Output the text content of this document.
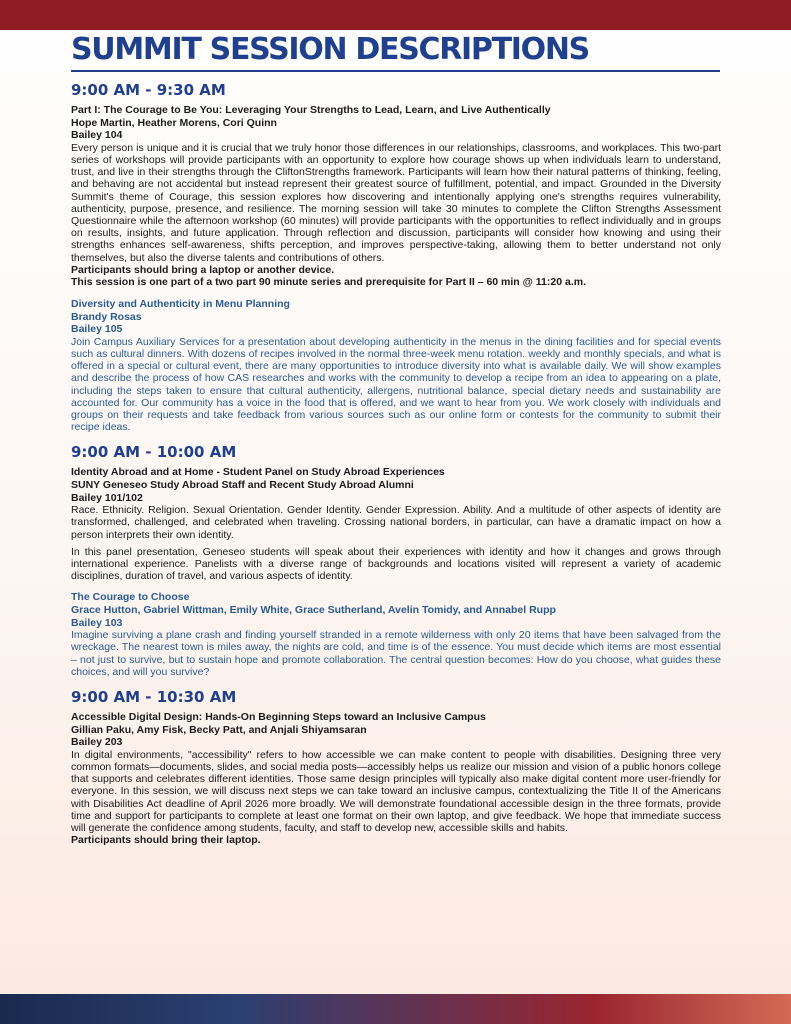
SUMMIT SESSION DESCRIPTIONS
9:00 AM - 9:30 AM
Part I: The Courage to Be You: Leveraging Your Strengths to Lead, Learn, and Live Authentically
Hope Martin, Heather Morens, Cori Quinn
Bailey 104
Every person is unique and it is crucial that we truly honor those differences in our relationships, classrooms, and workplaces. This two-part series of workshops will provide participants with an opportunity to explore how courage shows up when individuals learn to understand, trust, and live in their strengths through the CliftonStrengths framework. Participants will learn how their natural patterns of thinking, feeling, and behaving are not accidental but instead represent their greatest source of fulfillment, potential, and impact. Grounded in the Diversity Summit's theme of Courage, this session explores how discovering and intentionally applying one's strengths requires vulnerability, authenticity, purpose, presence, and resilience. The morning session will take 30 minutes to complete the Clifton Strengths Assessment Questionnaire while the afternoon workshop (60 minutes) will provide participants with the opportunities to reflect individually and in groups on results, insights, and future application. Through reflection and discussion, participants will consider how knowing and using their strengths enhances self-awareness, shifts perception, and improves perspective-taking, allowing them to better understand not only themselves, but also the diverse talents and contributions of others.
Participants should bring a laptop or another device.
This session is one part of a two part 90 minute series and prerequisite for Part II – 60 min @ 11:20 a.m.
Diversity and Authenticity in Menu Planning
Brandy Rosas
Bailey 105
Join Campus Auxiliary Services for a presentation about developing authenticity in the menus in the dining facilities and for special events such as cultural dinners. With dozens of recipes involved in the normal three-week menu rotation. weekly and monthly specials, and what is offered in a special or cultural event, there are many opportunities to introduce diversity into what is available daily. We will show examples and describe the process of how CAS researches and works with the community to develop a recipe from an idea to appearing on a plate, including the steps taken to ensure that cultural authenticity, allergens, nutritional balance, special dietary needs and sustainability are accounted for. Our community has a voice in the food that is offered, and we want to hear from you. We work closely with individuals and groups on their requests and take feedback from various sources such as our online form or contests for the community to submit their recipe ideas.
9:00 AM - 10:00 AM
Identity Abroad and at Home - Student Panel on Study Abroad Experiences
SUNY Geneseo Study Abroad Staff and Recent Study Abroad Alumni
Bailey 101/102
Race. Ethnicity. Religion. Sexual Orientation. Gender Identity. Gender Expression. Ability. And a multitude of other aspects of identity are transformed, challenged, and celebrated when traveling. Crossing national borders, in particular, can have a dramatic impact on how a person interprets their own identity.
In this panel presentation, Geneseo students will speak about their experiences with identity and how it changes and grows through international experience. Panelists with a diverse range of backgrounds and locations visited will represent a variety of academic disciplines, duration of travel, and various aspects of identity.
The Courage to Choose
Grace Hutton, Gabriel Wittman, Emily White, Grace Sutherland, Avelin Tomidy, and Annabel Rupp
Bailey 103
Imagine surviving a plane crash and finding yourself stranded in a remote wilderness with only 20 items that have been salvaged from the wreckage. The nearest town is miles away, the nights are cold, and time is of the essence. You must decide which items are most essential – not just to survive, but to sustain hope and promote collaboration. The central question becomes: How do you choose, what guides these choices, and will you survive?
9:00 AM - 10:30 AM
Accessible Digital Design: Hands-On Beginning Steps toward an Inclusive Campus
Gillian Paku, Amy Fisk, Becky Patt, and Anjali Shiyamsaran
Bailey 203
In digital environments, "accessibility" refers to how accessible we can make content to people with disabilities. Designing three very common formats—documents, slides, and social media posts—accessibly helps us realize our mission and vision of a public honors college that supports and celebrates different identities. Those same design principles will typically also make digital content more user-friendly for everyone. In this session, we will discuss next steps we can take toward an inclusive campus, contextualizing the Title II of the Americans with Disabilities Act deadline of April 2026 more broadly. We will demonstrate foundational accessible design in the three formats, provide time and support for participants to complete at least one format on their own laptop, and give feedback. We hope that immediate success will generate the confidence among students, faculty, and staff to develop new, accessible skills and habits.
Participants should bring their laptop.
